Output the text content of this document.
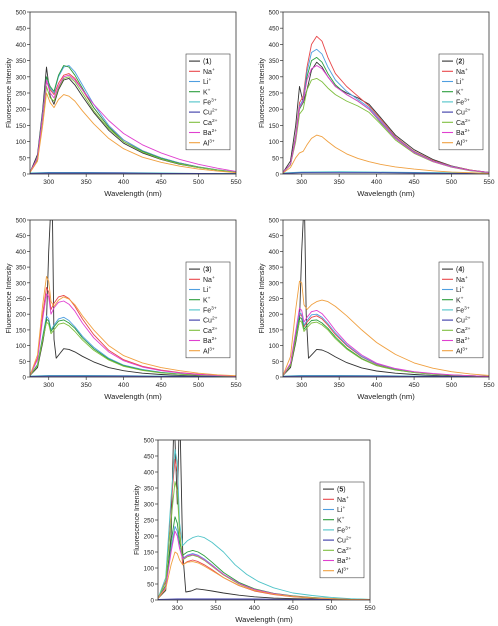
0
50
100
150
200
250
300
350
400
450
500
300	350	400	450	500	550
Wavelength (nm)
Fluorescence Intensity	(1)
Na+
Li+
K+
$Fe^{3+}$
$Cu^{2+}$
$Ca^{2+}$
$Ba^{2+}$
$Al^{3+}$
0
50
100
150
200
250
300
350
400
450
500
300	350	400	450	500	550
Wavelength (nm)
Fluorescence Intensity	(2)
Na+
Li+
K+
$Fe^{3+}$
$Cu^{2+}$
$Ca^{2+}$
$Ba^{2+}$
$Al^{3+}$
0
50
100
150
200
250
300
350
400
450
500
300	350	400	450	500	550
Wavelength (nm)
Fluorescence Intensity	(3)
Na+
Li+
K+
$Fe^{3+}$
$Cu^{2+}$
$Ca^{2+}$
$Ba^{2+}$
$Al^{3+}$
0
50
100
150
200
250
300
350
400
450
500
300	350	400	450	500	550
Wavelength (nm)
Fluorescence Intensity	(4)
Na+
Li+
K+
$Fe^{3+}$
$Cu^{2+}$
$Ca^{2+}$
$Ba^{2+}$
$Al^{3+}$
0
50
100
150
200
250
300
350
400
450
500
300	350	400	450	500	550
Wavelength (nm)
Fluorescence Intensity	(5)
Na+
Li+
K+
$Fe^{3+}$
$Cu^{2+}$
$Ca^{2+}$
$Ba^{2+}$
$Al^{3+}$
